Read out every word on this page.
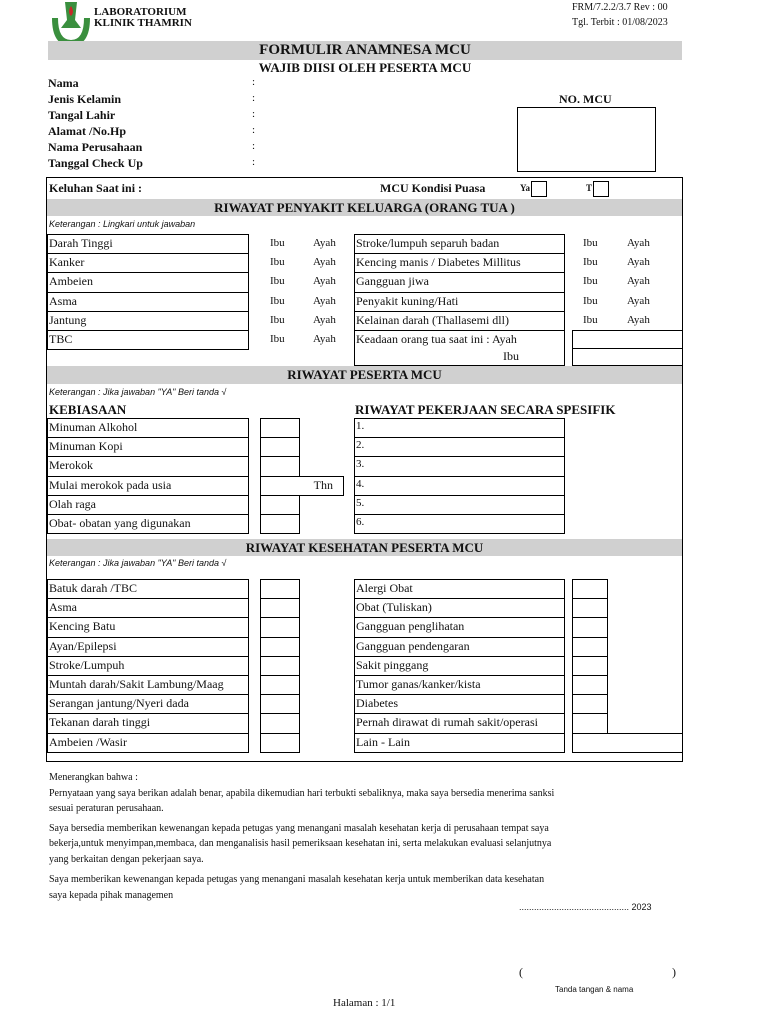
LABORATORIUM
KLINIK THAMRIN
FRM/7.2.2/3.7 Rev : 00
Tgl. Terbit : 01/08/2023
FORMULIR ANAMNESA MCU
WAJIB DIISI OLEH PESERTA MCU
Nama	:
Jenis Kelamin	:
Tangal Lahir	:
Alamat /No.Hp	:
Nama Perusahaan	:
Tanggal Check Up	:
NO. MCU
Keluhan Saat ini :	MCU Kondisi Puasa	Ya	T
RIWAYAT PENYAKIT KELUARGA (ORANG TUA )
Keterangan : Lingkari untuk jawaban
Darah Tinggi	Ibu	Ayah
Kanker	Ibu	Ayah
Ambeien	Ibu	Ayah
Asma	Ibu	Ayah
Jantung	Ibu	Ayah
TBC	Ibu	Ayah
Stroke/lumpuh separuh badan	Ibu	Ayah
Kencing manis / Diabetes Millitus	Ibu	Ayah
Gangguan jiwa	Ibu	Ayah
Penyakit kuning/Hati	Ibu	Ayah
Kelainan darah (Thallasemi dll)	Ibu	Ayah
Keadaan orang tua saat ini : Ayah
Ibu
RIWAYAT PESERTA MCU
Keterangan : Jika jawaban "YA" Beri tanda √
KEBIASAAN	RIWAYAT PEKERJAAN SECARA SPESIFIK
Minuman Alkohol
Minuman Kopi
Merokok
Mulai merokok pada usia	Thn
Olah raga
Obat- obatan yang digunakan
1.
2.
3.
4.
5.
6.
RIWAYAT KESEHATAN PESERTA MCU
Keterangan : Jika jawaban "YA" Beri tanda √
Batuk darah /TBC
Asma
Kencing Batu
Ayan/Epilepsi
Stroke/Lumpuh
Muntah darah/Sakit Lambung/Maag
Serangan jantung/Nyeri dada
Tekanan darah tinggi
Ambeien /Wasir
Alergi Obat
Obat (Tuliskan)
Gangguan penglihatan
Gangguan pendengaran
Sakit pinggang
Tumor ganas/kanker/kista
Diabetes
Pernah dirawat di rumah sakit/operasi
Lain - Lain
Menerangkan bahwa :
Pernyataan yang saya berikan adalah benar, apabila dikemudian hari terbukti sebaliknya, maka saya bersedia menerima sanksi
sesuai peraturan perusahaan.
Saya bersedia memberikan kewenangan kepada petugas yang menangani masalah kesehatan kerja di perusahaan tempat saya
bekerja,untuk menyimpan,membaca, dan menganalisis hasil pemeriksaan kesehatan ini, serta melakukan evaluasi selanjutnya
yang berkaitan dengan pekerjaan saya.
Saya memberikan kewenangan kepada petugas yang menangani masalah kesehatan kerja untuk memberikan data kesehatan
saya kepada pihak managemen
............................................ 2023
(	)
Tanda tangan & nama
Halaman : 1/1
